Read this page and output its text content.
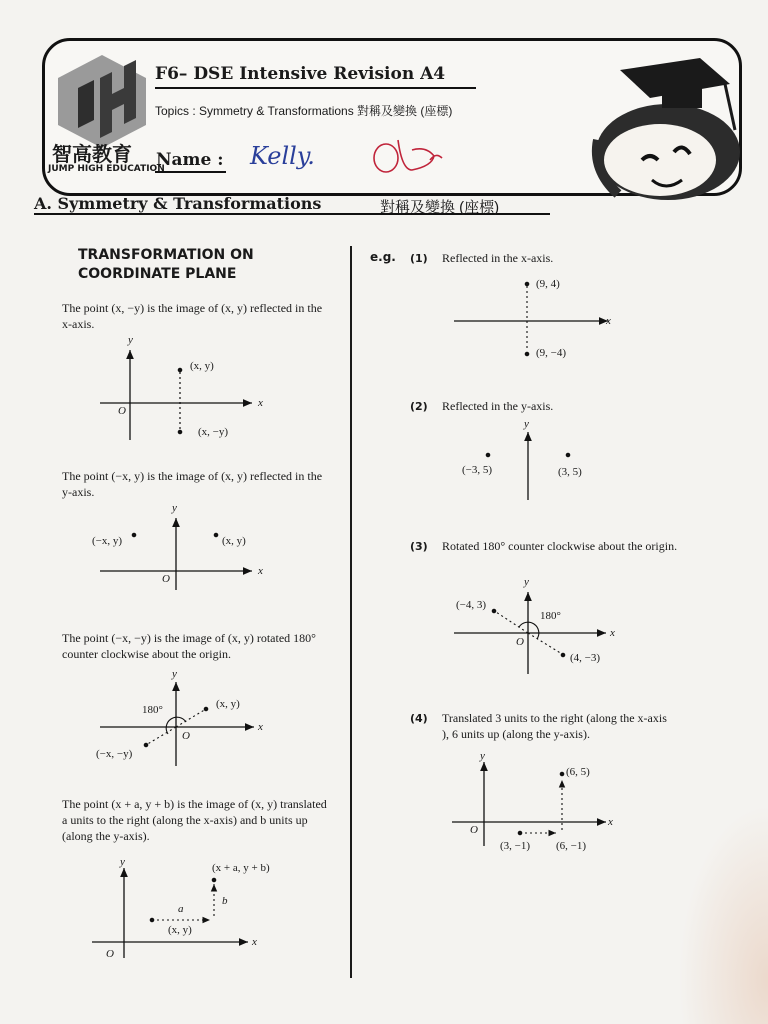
F6– DSE Intensive Revision A4
Topics : Symmetry & Transformations 對稱及變換 (座標)
智高教育
JUMP HIGH EDUCATION
Name : Kelly.
A. Symmetry & Transformations	對稱及變換 (座標)
TRANSFORMATION ON COORDINATE PLANE
The point (x, −y) is the image of (x, y) reflected in the x-axis.
The point (−x, y) is the image of (x, y) reflected in the y-axis.
The point (−x, −y) is the image of (x, y) rotated 180° counter clockwise about the origin.
The point (x + a, y + b) is the image of (x, y) translated a units to the right (along the x-axis) and b units up (along the y-axis).
y
x
O
(x, y)
(x, −y)
y
x
O
(−x, y)	(x, y)
y
x
O
180°	(x, y)
(−x, −y)
y
x
O
(x + a, y + b)
(x, y)
a
b
e.g. (1) Reflected in the x-axis.
(2) Reflected in the y-axis.
(3) Rotated 180° counter clockwise about the origin.
(4) Translated 3 units to the right (along the x-axis ), 6 units up (along the y-axis).
x
(9, 4)
(9, −4)
y
(−3, 5)	(3, 5)
y
x
O
180°
(−4, 3)
(4, −3)
y
x
O
(6, 5)
(3, −1) (6, −1)
